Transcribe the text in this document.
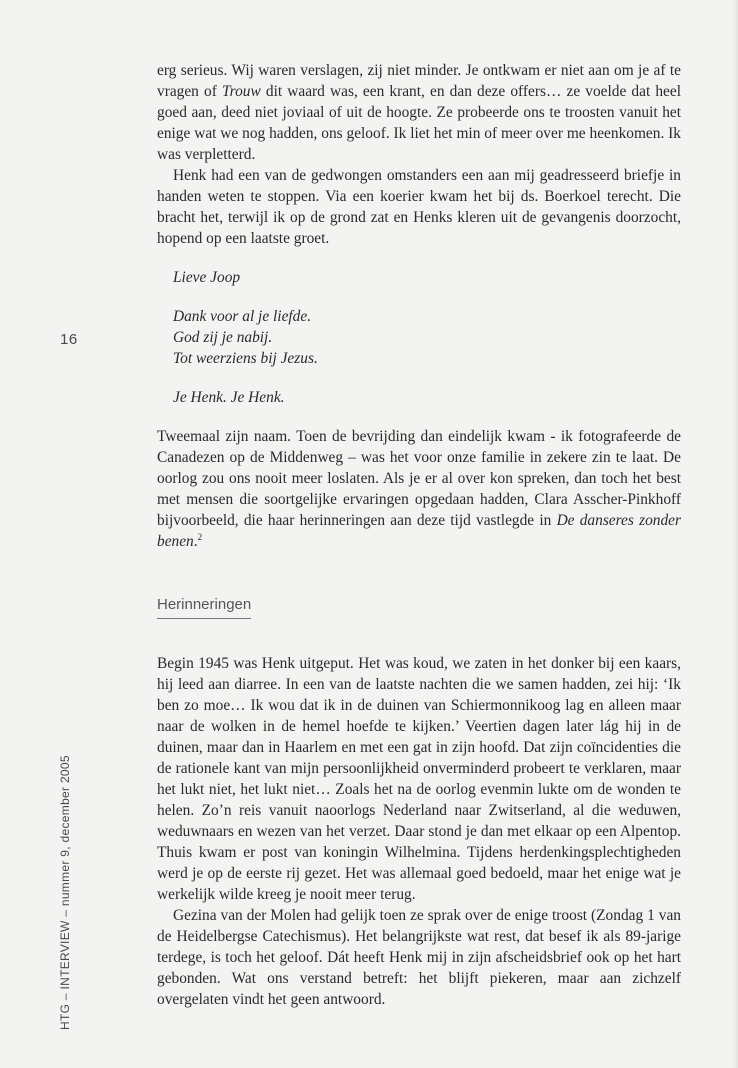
16
HTG – INTERVIEW – nummer 9, december 2005

erg serieus. Wij waren verslagen, zij niet minder. Je ontkwam er niet aan om je af te vragen of Trouw dit waard was, een krant, en dan deze offers… ze voelde dat heel goed aan, deed niet joviaal of uit de hoogte. Ze probeerde ons te troosten vanuit het enige wat we nog hadden, ons geloof. Ik liet het min of meer over me heenkomen. Ik was verpletterd.

Henk had een van de gedwongen omstanders een aan mij geadresseerd briefje in handen weten te stoppen. Via een koerier kwam het bij ds. Boerkoel terecht. Die bracht het, terwijl ik op de grond zat en Henks kleren uit de gevangenis doorzocht, hopend op een laatste groet.

Lieve Joop
Dank voor al je liefde.
God zij je nabij.
Tot weerziens bij Jezus.
Je Henk. Je Henk.

Tweemaal zijn naam. Toen de bevrijding dan eindelijk kwam - ik fotografeerde de Canadezen op de Middenweg – was het voor onze familie in zekere zin te laat. De oorlog zou ons nooit meer loslaten. Als je er al over kon spreken, dan toch het best met mensen die soortgelijke ervaringen opgedaan hadden, Clara Asscher-Pinkhoff bijvoorbeeld, die haar herinneringen aan deze tijd vastlegde in De danseres zonder benen.$^2$

Herinneringen

Begin 1945 was Henk uitgeput. Het was koud, we zaten in het donker bij een kaars, hij leed aan diarree. In een van de laatste nachten die we samen hadden, zei hij: ‘Ik ben zo moe… Ik wou dat ik in de duinen van Schiermonnikoog lag en alleen maar naar de wolken in de hemel hoefde te kijken.’ Veertien dagen later lág hij in de duinen, maar dan in Haarlem en met een gat in zijn hoofd. Dat zijn coïncidenties die de rationele kant van mijn persoonlijkheid onverminderd probeert te verklaren, maar het lukt niet, het lukt niet… Zoals het na de oorlog evenmin lukte om de wonden te helen. Zo’n reis vanuit naoorlogs Nederland naar Zwitserland, al die weduwen, weduwnaars en wezen van het verzet. Daar stond je dan met elkaar op een Alpentop. Thuis kwam er post van koningin Wilhelmina. Tijdens herdenkingsplechtigheden werd je op de eerste rij gezet. Het was allemaal goed bedoeld, maar het enige wat je werkelijk wilde kreeg je nooit meer terug.

Gezina van der Molen had gelijk toen ze sprak over de enige troost (Zondag 1 van de Heidelbergse Catechismus). Het belangrijkste wat rest, dat besef ik als 89-jarige terdege, is toch het geloof. Dát heeft Henk mij in zijn afscheidsbrief ook op het hart gebonden. Wat ons verstand betreft: het blijft piekeren, maar aan zichzelf overgelaten vindt het geen antwoord.
